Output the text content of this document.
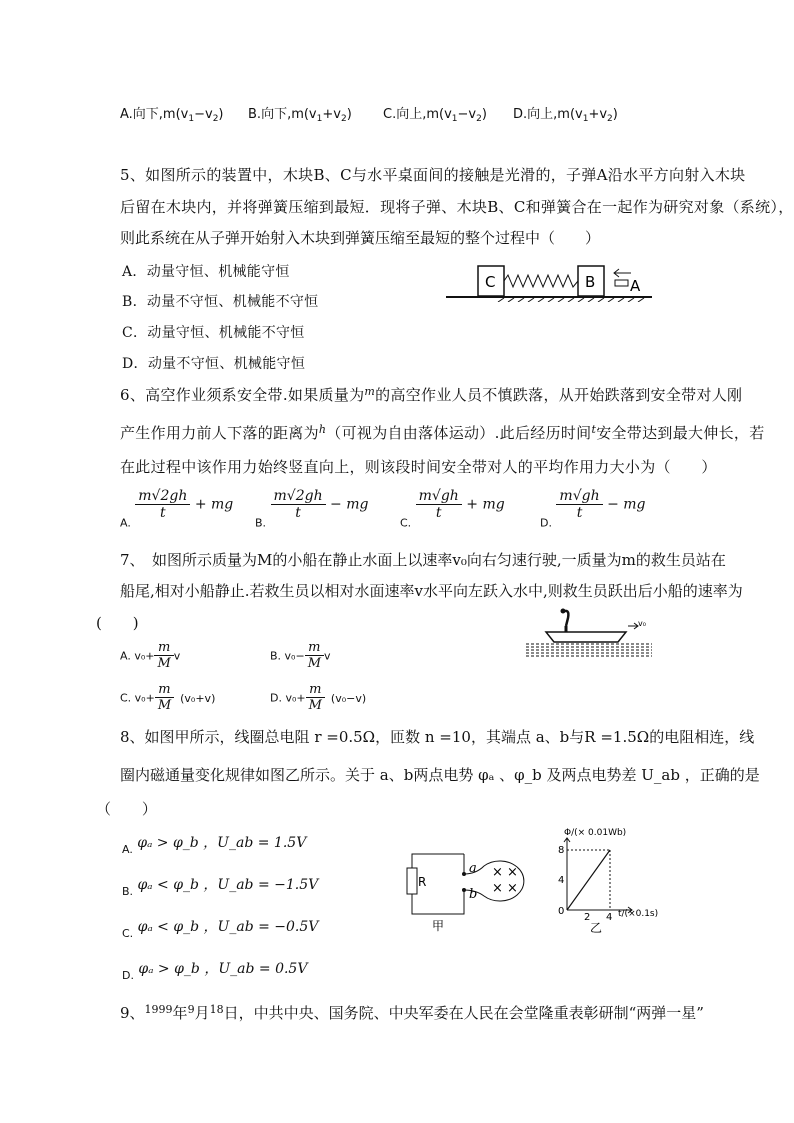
A.向下$,m(v_1-v_2)$ B.向下$,m(v_1+v_2)$ C.向上$,m(v_1-v_2)$ D.向上$,m(v_1+v_2)$
5、如图所示的装置中，木块B、C与水平桌面间的接触是光滑的，子弹A沿水平方向射入木块
后留在木块内，并将弹簧压缩到最短．现将子弹、木块B、C和弹簧合在一起作为研究对象（系统），
则此系统在从子弹开始射入木块到弹簧压缩至最短的整个过程中（　　）
A．动量守恒、机械能守恒
B．动量不守恒、机械能不守恒
C．动量守恒、机械能不守恒
D．动量不守恒、机械能守恒
C	B A
6、高空作业须系安全带.如果质量为$^m$的高空作业人员不慎跌落，从开始跌落到安全带对人刚
产生作用力前人下落的距离为$^h$（可视为自由落体运动）.此后经历时间$^t$安全带达到最大伸长，若
在此过程中该作用力始终竖直向上，则该段时间安全带对人的平均作用力大小为（　　）
$_{A.}$
$\frac{m√2gh}{t}$ + mg
$_{B.}$
$\frac{m√2gh}{t}$ − mg
$_{C.}$
$\frac{m√gh}{t}$ + mg
$_{D.}$
$\frac{m√gh}{t}$ − mg
7、　如图所示质量为M的小船在静止水面上以速率v₀向右匀速行驶,一质量为m的救生员站在
船尾,相对小船静止.若救生员以相对水面速率v水平向左跃入水中,则救生员跃出后小船的速率为
(　　)	v₀
A. $v_0+ \frac{m}{M}$ v	B. $v_0- \frac{m}{M}$ v
C. $v_0+ \frac{m}{M} (v_0+v)$	D. $v_0+ \frac{m}{M} (v_0-v)$
8、如图甲所示，线圈总电阻 r =0.5Ω，匝数 n =10，其端点 a、b与R =1.5Ω的电阻相连，线
圈内磁通量变化规律如图乙所示。关于 a、b两点电势 φₐ 、φ_b 及两点电势差 U_ab ，正确的是
（　　）
$_{A.}$ φₐ > φ_b ，U_ab = 1.5V
$_{B.}$ φₐ < φ_b ，U_ab = −1.5V
$_{C.}$ φₐ < φ_b ，U_ab = −0.5V
$_{D.}$ φₐ > φ_b ，U_ab = 0.5V
R
a
b
× ×
× ×
甲
Φ/(× 0.01Wb)
8
4
0
2 4 t/(×0.1s)
乙
9、$^{1999}$年$^9$月$^{18}$日，中共中央、国务院、中央军委在人民在会堂隆重表彰研制“两弹一星”
